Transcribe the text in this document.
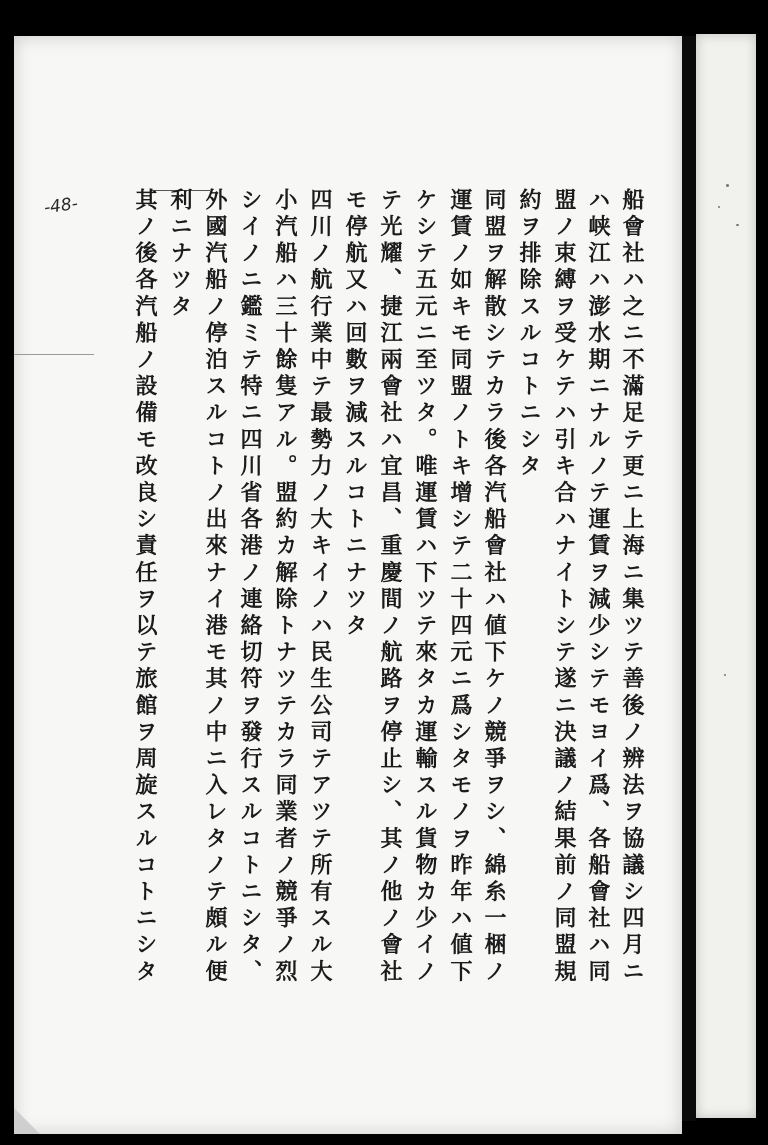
-48-	船會社ハ之ニ不滿足テ更ニ上海ニ集ツテ善後ノ辨法ヲ協議シ四月ニ
ハ峡江ハ澎水期ニナルノテ運賃ヲ減少シテモヨイ爲、各船會社ハ同
盟ノ束縛ヲ受ケテハ引キ合ハナイトシテ遂ニ決議ノ結果前ノ同盟規
約ヲ排除スルコトニシタ
同盟ヲ解散シテカラ後各汽船會社ハ値下ケノ競爭ヲシ、綿糸一梱ノ
運賃ノ如キモ同盟ノトキ增シテ二十四元ニ爲シタモノヲ昨年ハ値下
ケシテ五元ニ至ツタ。唯運賃ハ下ツテ來タカ運輸スル貨物カ少イノ
テ光耀、捷江兩會社ハ宜昌、重慶間ノ航路ヲ停止シ、其ノ他ノ會社
モ停航又ハ回數ヲ減スルコトニナツタ
四川ノ航行業中テ最勢力ノ大キイノハ民生公司テアツテ所有スル大
小汽船ハ三十餘隻アル。盟約カ解除トナツテカラ同業者ノ競爭ノ烈
シイノニ鑑ミテ特ニ四川省各港ノ連絡切符ヲ發行スルコトニシタ、
外國汽船ノ停泊スルコトノ出來ナイ港モ其ノ中ニ入レタノテ頗ル便
利ニナツタ
其ノ後各汽船ノ設備モ改良シ責任ヲ以テ旅館ヲ周旋スルコトニシタ
